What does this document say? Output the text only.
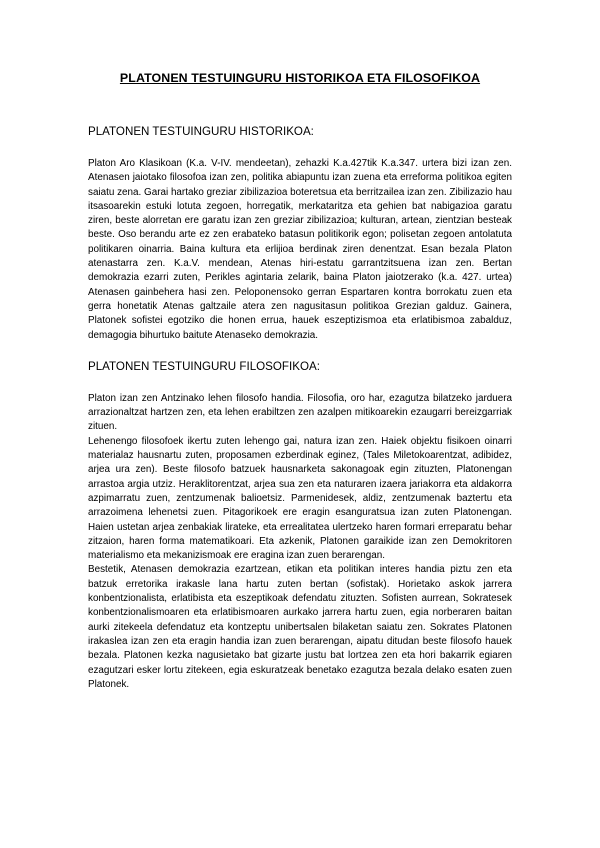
PLATONEN TESTUINGURU HISTORIKOA ETA FILOSOFIKOA
PLATONEN TESTUINGURU HISTORIKOA:

Platon Aro Klasikoan (K.a. V-IV. mendeetan), zehazki K.a.427tik K.a.347. urtera bizi izan zen. Atenasen jaiotako filosofoa izan zen, politika abiapuntu izan zuena eta erreforma politikoa egiten saiatu zena. Garai hartako greziar zibilizazioa boteretsua eta berritzailea izan zen. Zibilizazio hau itsasoarekin estuki lotuta zegoen, horregatik, merkataritza eta gehien bat nabigazioa garatu ziren, beste alorretan ere garatu izan zen greziar zibilizazioa; kulturan, artean, zientzian besteak beste. Oso berandu arte ez zen erabateko batasun politikorik egon; polisetan zegoen antolatuta politikaren oinarria. Baina kultura eta erlijioa berdinak ziren denentzat. Esan bezala Platon atenastarra zen. K.a.V. mendean, Atenas hiri-estatu garrantzitsuena izan zen. Bertan demokrazia ezarri zuten, Perikles agintaria zelarik, baina Platon jaiotzerako (k.a. 427. urtea) Atenasen gainbehera hasi zen. Peloponensoko gerran Espartaren kontra borrokatu zuen eta gerra honetatik Atenas galtzaile atera zen nagusitasun politikoa Grezian galduz. Gainera, Platonek sofistei egotziko die honen errua, hauek eszeptizismoa eta erlatibismoa zabalduz, demagogia bihurtuko baitute Atenaseko demokrazia.

PLATONEN TESTUINGURU FILOSOFIKOA:

Platon izan zen Antzinako lehen filosofo handia. Filosofia, oro har, ezagutza bilatzeko jarduera arrazionaltzat hartzen zen, eta lehen erabiltzen zen azalpen mitikoarekin ezaugarri bereizgarriak zituen.

Lehenengo filosofoek ikertu zuten lehengo gai, natura izan zen. Haiek objektu fisikoen oinarri materialaz hausnartu zuten, proposamen ezberdinak eginez, (Tales Miletokoarentzat, adibidez, arjea ura zen). Beste filosofo batzuek hausnarketa sakonagoak egin zituzten, Platonengan arrastoa argia utziz. Heraklitorentzat, arjea sua zen eta naturaren izaera jariakorra eta aldakorra azpimarratu zuen, zentzumenak balioetsiz. Parmenidesek, aldiz, zentzumenak baztertu eta arrazoimena lehenetsi zuen. Pitagorikoek ere eragin esanguratsua izan zuten Platonengan. Haien ustetan arjea zenbakiak lirateke, eta errealitatea ulertzeko haren formari erreparatu behar zitzaion, haren forma matematikoari. Eta azkenik, Platonen garaikide izan zen Demokritoren materialismo eta mekanizismoak ere eragina izan zuen berarengan.

Bestetik, Atenasen demokrazia ezartzean, etikan eta politikan interes handia piztu zen eta batzuk erretorika irakasle lana hartu zuten bertan (sofistak). Horietako askok jarrera konbentzionalista, erlatibista eta eszeptikoak defendatu zituzten. Sofisten aurrean, Sokratesek konbentzionalismoaren eta erlatibismoaren aurkako jarrera hartu zuen, egia norberaren baitan aurki zitekeela defendatuz eta kontzeptu unibertsalen bilaketan saiatu zen. Sokrates Platonen irakaslea izan zen eta eragin handia izan zuen berarengan, aipatu ditudan beste filosofo hauek bezala. Platonen kezka nagusietako bat gizarte justu bat lortzea zen eta hori bakarrik egiaren ezagutzari esker lortu zitekeen, egia eskuratzeak benetako ezagutza bezala delako esaten zuen Platonek.
